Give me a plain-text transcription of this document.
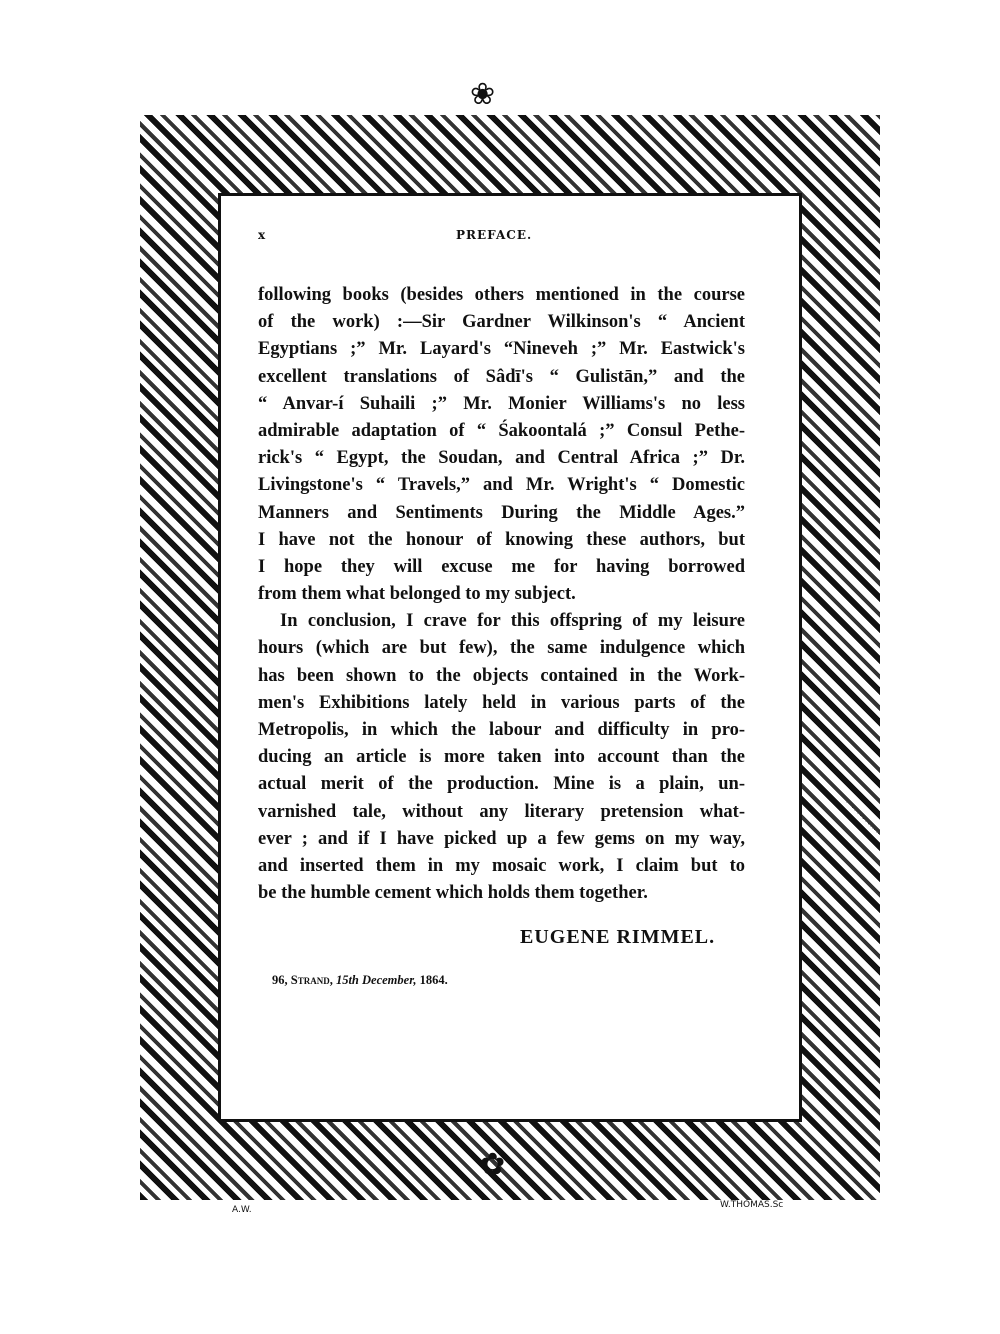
❀
✿
A.W.	W.THOMAS.Sc
x	PREFACE.
following books (besides others mentioned in the course
of the work) :—Sir Gardner Wilkinson's “ Ancient
Egyptians ;” Mr. Layard's “Nineveh ;” Mr. Eastwick's
excellent translations of Sâdī's “ Gulistān,” and the
“ Anvar-í Suhaili ;” Mr. Monier Williams's no less
admirable adaptation of “ Śakoontalá ;” Consul Pethe-
rick's “ Egypt, the Soudan, and Central Africa ;” Dr.
Livingstone's “ Travels,” and Mr. Wright's “ Domestic
Manners and Sentiments During the Middle Ages.”
I have not the honour of knowing these authors, but
I hope they will excuse me for having borrowed
from them what belonged to my subject.
In conclusion, I crave for this offspring of my leisure
hours (which are but few), the same indulgence which
has been shown to the objects contained in the Work-
men's Exhibitions lately held in various parts of the
Metropolis, in which the labour and difficulty in pro-
ducing an article is more taken into account than the
actual merit of the production. Mine is a plain, un-
varnished tale, without any literary pretension what-
ever ; and if I have picked up a few gems on my way,
and inserted them in my mosaic work, I claim but to
be the humble cement which holds them together.
EUGENE RIMMEL.
96, Strand, 15th December, 1864.
